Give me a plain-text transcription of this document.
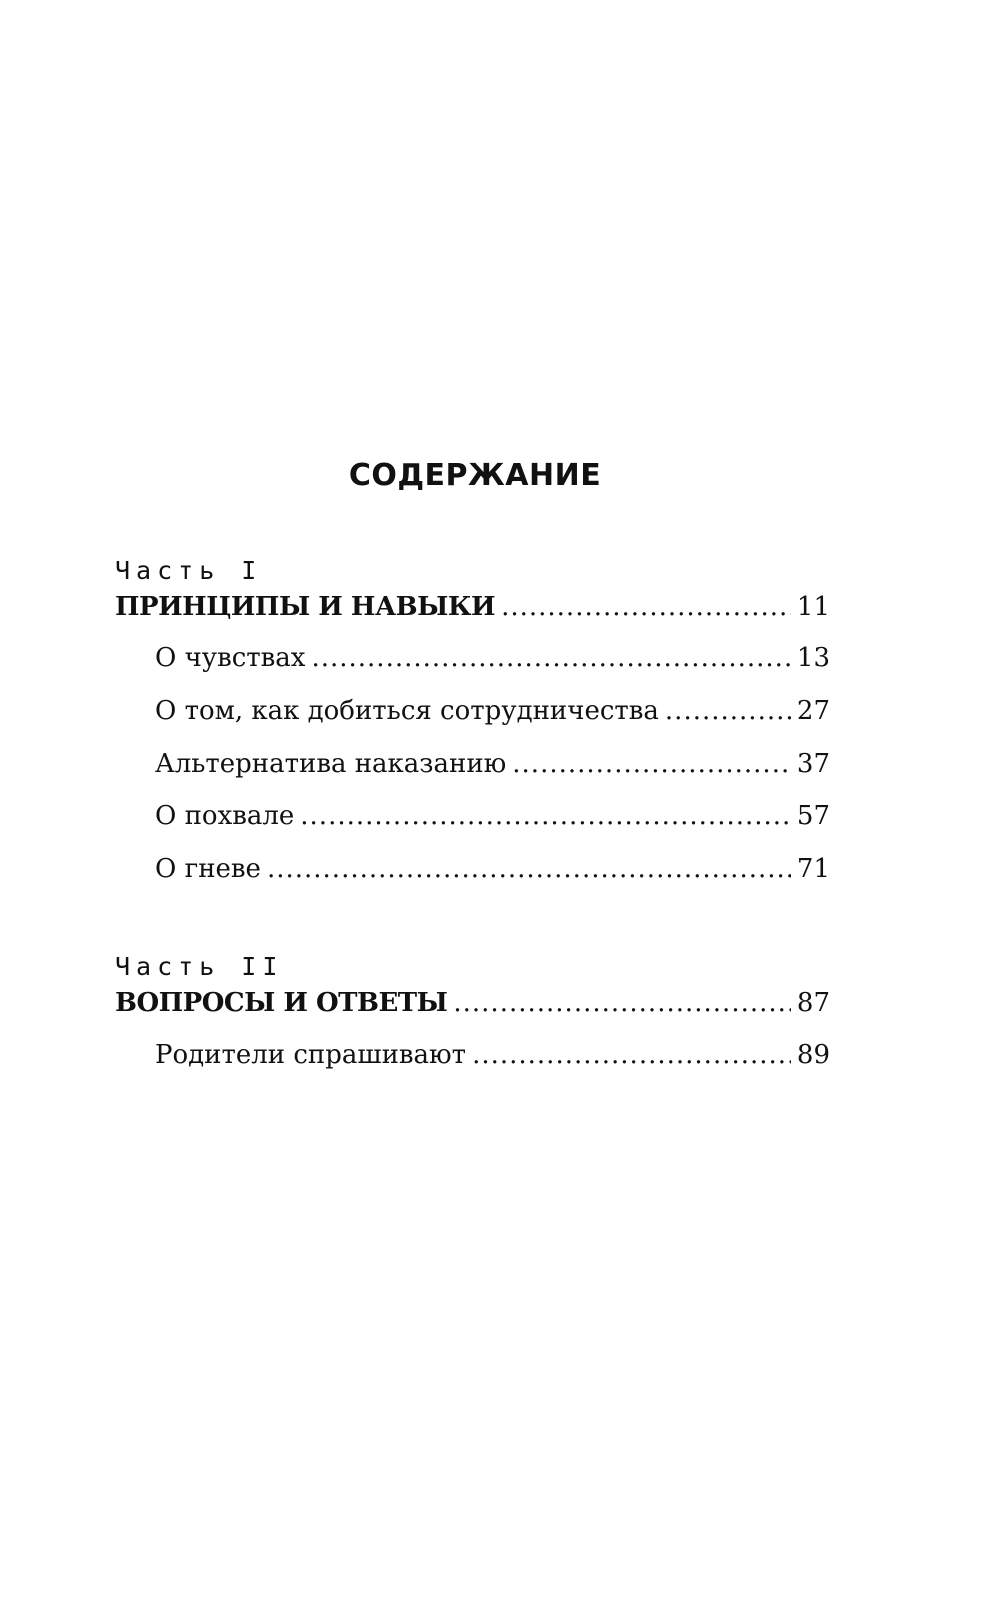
СОДЕРЖАНИЕ
Часть I
ПРИНЦИПЫ И НАВЫКИ .....	11
О чувствах .....	13
О том, как добиться сотрудничества .....	27
Альтернатива наказанию .....	37
О похвале .....	57
О гневе .....	71
Часть II
ВОПРОСЫ И ОТВЕТЫ .....	87
Родители спрашивают .....	89
